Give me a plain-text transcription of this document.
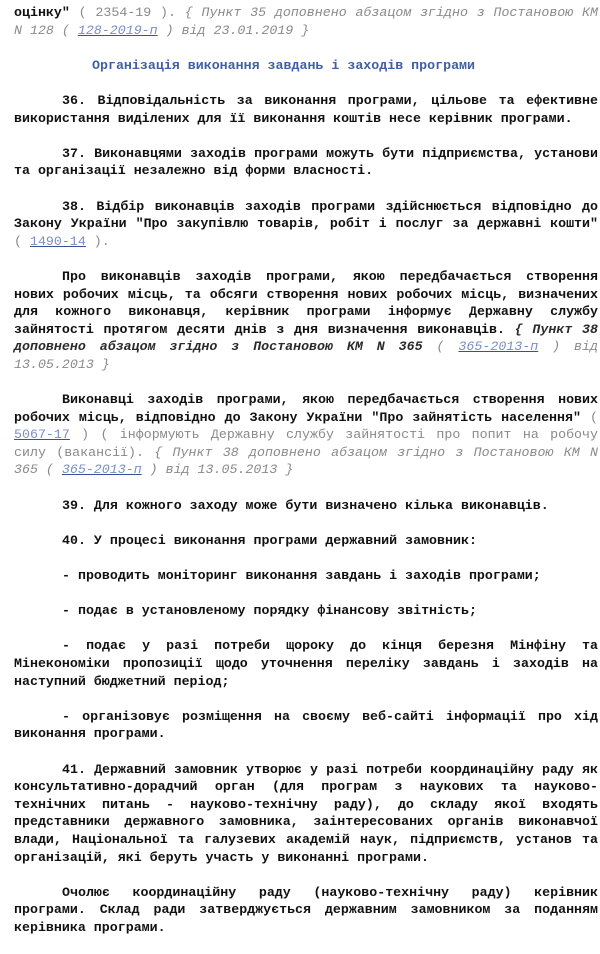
оцінку" ( 2354-19 ). { Пункт 35 доповнено абзацом згідно з Постановою КМ N 128 ( 128-2019-п ) від 23.01.2019 }

Організація виконання завдань і заходів програми

36. Відповідальність за виконання програми, цільове та ефективне використання виділених для її виконання коштів несе керівник програми.

37. Виконавцями заходів програми можуть бути підприємства, установи та організації незалежно від форми власності.

38. Відбір виконавців заходів програми здійснюється відповідно до Закону України "Про закупівлю товарів, робіт і послуг за державні кошти" ( 1490-14 ).

Про виконавців заходів програми, якою передбачається створення нових робочих місць, та обсяги створення нових робочих місць, визначених для кожного виконавця, керівник програми інформує Державну службу зайнятості протягом десяти днів з дня визначення виконавців. { Пункт 38 доповнено абзацом згідно з Постановою КМ N 365 ( 365-2013-п ) від 13.05.2013 }

Виконавці заходів програми, якою передбачається створення нових робочих місць, відповідно до Закону України "Про зайнятість населення" ( 5067-17 ) ( інформують Державну службу зайнятості про попит на робочу силу (вакансії). { Пункт 38 доповнено абзацом згідно з Постановою КМ N 365 ( 365-2013-п ) від 13.05.2013 }

39. Для кожного заходу може бути визначено кілька виконавців.

40. У процесі виконання програми державний замовник:

- проводить моніторинг виконання завдань і заходів програми;

- подає в установленому порядку фінансову звітність;

- подає у разі потреби щороку до кінця березня Мінфіну та Мінекономіки пропозиції щодо уточнення переліку завдань і заходів на наступний бюджетний період;

- організовує розміщення на своєму веб-сайті інформації про хід виконання програми.

41. Державний замовник утворює у разі потреби координаційну раду як консультативно-дорадчий орган (для програм з наукових та науково-технічних питань - науково-технічну раду), до складу якої входять представники державного замовника, заінтересованих органів виконавчої влади, Національної та галузевих академій наук, підприємств, установ та організацій, які беруть участь у виконанні програми.

Очолює координаційну раду (науково-технічну раду) керівник програми. Склад ради затверджується державним замовником за поданням керівника програми.
